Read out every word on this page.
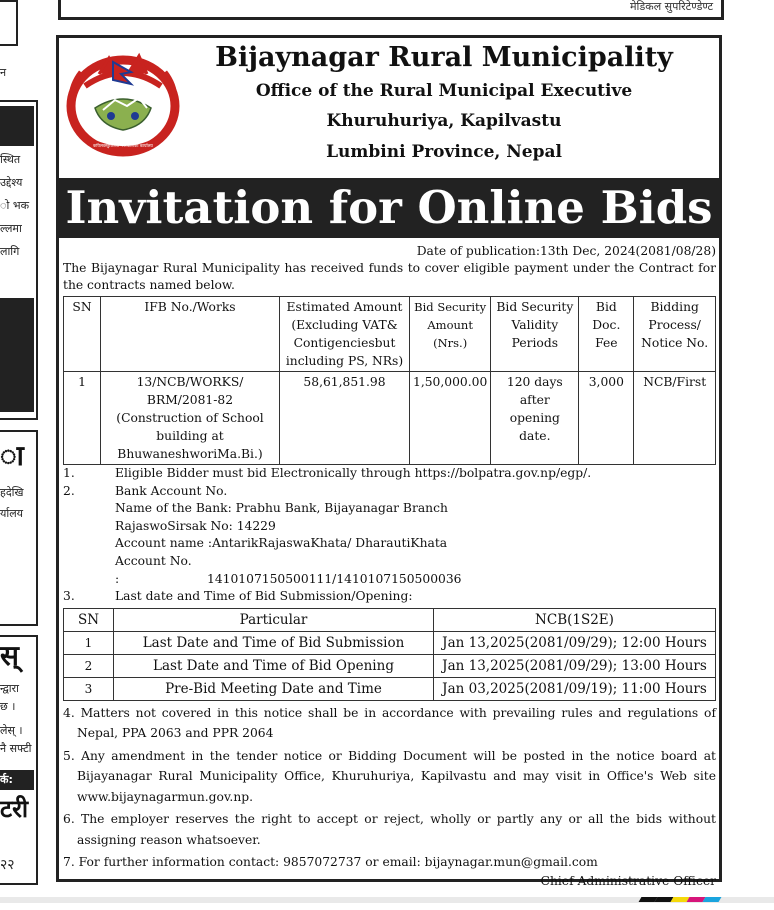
मेडिकल सुपरिटेण्डेण्ट
न
स्थित
उद्देश्य
ो भक
ल्लमा
लागि
ा
हदेखि
र्यालय
स्
न्द्वारा
छ ।
लेस् ।
नै सफ्टी
र्क:
टरी
२२
कपिलवस्तुजिल्ला नगरपालिका कार्यालय
Bijaynagar Rural Municipality
Office of the Rural Municipal Executive
Khuruhuriya, Kapilvastu
Lumbini Province, Nepal
Invitation for Online Bids
Date of publication:13th Dec, 2024(2081/08/28)
The Bijaynagar Rural Municipality has received funds to cover eligible payment under the Contract for the contracts named below.
SN	IFB No./Works	Estimated Amount (Excluding VAT& Contigenciesbut including PS, NRs)	Bid Security Amount (Nrs.)	Bid Security Validity Periods	Bid Doc. Fee	Bidding Process/ Notice No.
1	13/NCB/WORKS/ BRM/2081-82 (Construction of School building at BhuwaneshworiMa.Bi.)	58,61,851.98	1,50,000.00	120 days after opening date.	3,000	NCB/First
1.	Eligible Bidder must bid Electronically through https://bolpatra.gov.np/egp/.
2.	Bank Account No.
Name of the Bank: Prabhu Bank, Bijayanagar Branch
RajaswoSirsak No: 14229
Account name :AntarikRajaswaKhata/ DharautiKhata
Account No. :	1410107150500111/1410107150500036
3.	Last date and Time of Bid Submission/Opening:
SN	Particular	NCB(1S2E)
1	Last Date and Time of Bid Submission	Jan 13,2025(2081/09/29); 12:00 Hours
2	Last Date and Time of Bid Opening	Jan 13,2025(2081/09/29); 13:00 Hours
3	Pre-Bid Meeting Date and Time	Jan 03,2025(2081/09/19); 11:00 Hours
4. Matters not covered in this notice shall be in accordance with prevailing rules and regulations of Nepal, PPA 2063 and PPR 2064
5. Any amendment in the tender notice or Bidding Document will be posted in the notice board at Bijayanagar Rural Municipality Office, Khuruhuriya, Kapilvastu and may visit in Office's Web site www.bijaynagarmun.gov.np.
6. The employer reserves the right to accept or reject, wholly or partly any or all the bids without assigning reason whatsoever.
7. For further information contact: 9857072737 or email: bijaynagar.mun@gmail.com
Chief Administrative Officer
